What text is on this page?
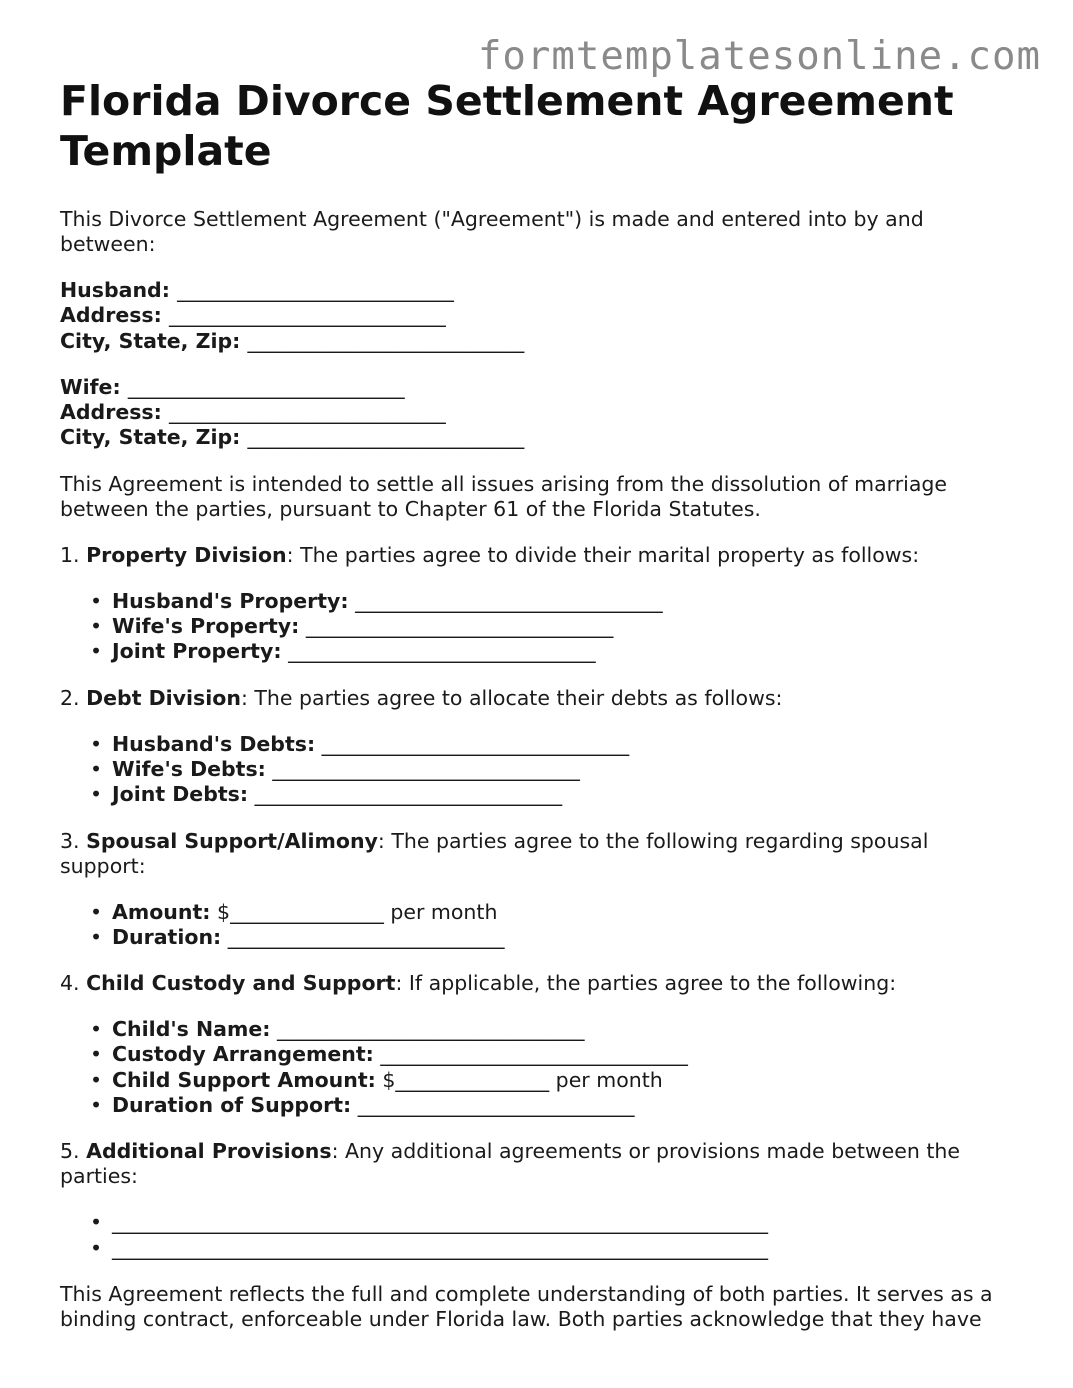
formtemplatesonline.com
Florida Divorce Settlement Agreement Template

This Divorce Settlement Agreement ("Agreement") is made and entered into by and between:

Husband: ___________________________
Address: ___________________________
City, State, Zip: ___________________________
Wife: ___________________________
Address: ___________________________
City, State, Zip: ___________________________

This Agreement is intended to settle all issues arising from the dissolution of marriage between the parties, pursuant to Chapter 61 of the Florida Statutes.

1. Property Division: The parties agree to divide their marital property as follows:

• Husband's Property: ______________________________
• Wife's Property: ______________________________
• Joint Property: ______________________________

2. Debt Division: The parties agree to allocate their debts as follows:

• Husband's Debts: ______________________________
• Wife's Debts: ______________________________
• Joint Debts: ______________________________

3. Spousal Support/Alimony: The parties agree to the following regarding spousal support:

• Amount: $_______________ per month
• Duration: ___________________________

4. Child Custody and Support: If applicable, the parties agree to the following:

• Child's Name: ______________________________
• Custody Arrangement: ______________________________
• Child Support Amount: $_______________ per month
• Duration of Support: ___________________________

5. Additional Provisions: Any additional agreements or provisions made between the parties:

• ________________________________________________________________
• ________________________________________________________________

This Agreement reflects the full and complete understanding of both parties. It serves as a binding contract, enforceable under Florida law. Both parties acknowledge that they have
